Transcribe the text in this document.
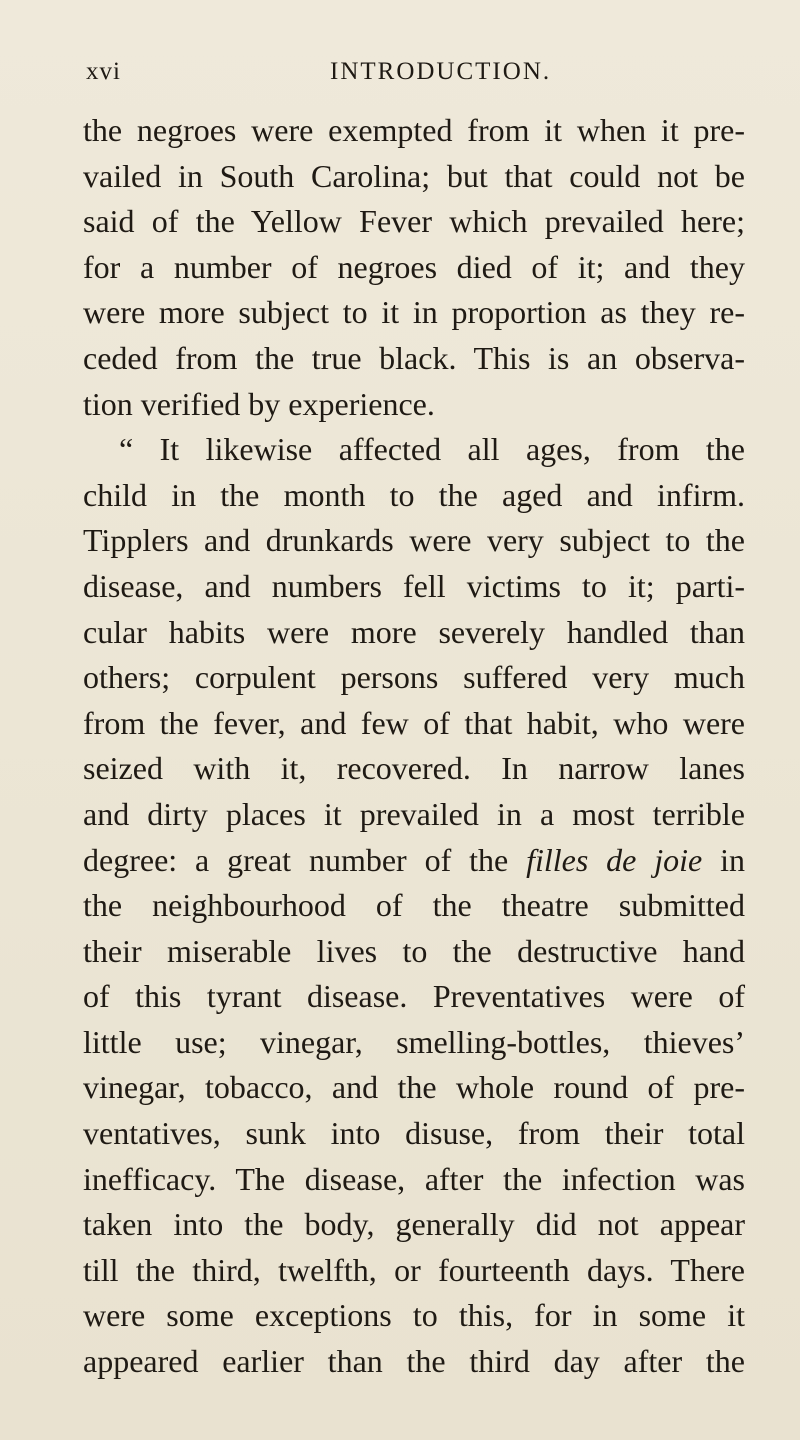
xvi	INTRODUCTION.
the negroes were exempted from it when it pre-
vailed in South Carolina; but that could not be
said of the Yellow Fever which prevailed here;
for a number of negroes died of it; and they
were more subject to it in proportion as they re-
ceded from the true black. This is an observa-
tion verified by experience.
“ It likewise affected all ages, from the
child in the month to the aged and infirm.
Tipplers and drunkards were very subject to the
disease, and numbers fell victims to it; parti-
cular habits were more severely handled than
others; corpulent persons suffered very much
from the fever, and few of that habit, who were
seized with it, recovered. In narrow lanes
and dirty places it prevailed in a most terrible
degree: a great number of the filles de joie in
the neighbourhood of the theatre submitted
their miserable lives to the destructive hand
of this tyrant disease. Preventatives were of
little use; vinegar, smelling-bottles, thieves’
vinegar, tobacco, and the whole round of pre-
ventatives, sunk into disuse, from their total
inefficacy. The disease, after the infection was
taken into the body, generally did not appear
till the third, twelfth, or fourteenth days. There
were some exceptions to this, for in some it
appeared earlier than the third day after the
